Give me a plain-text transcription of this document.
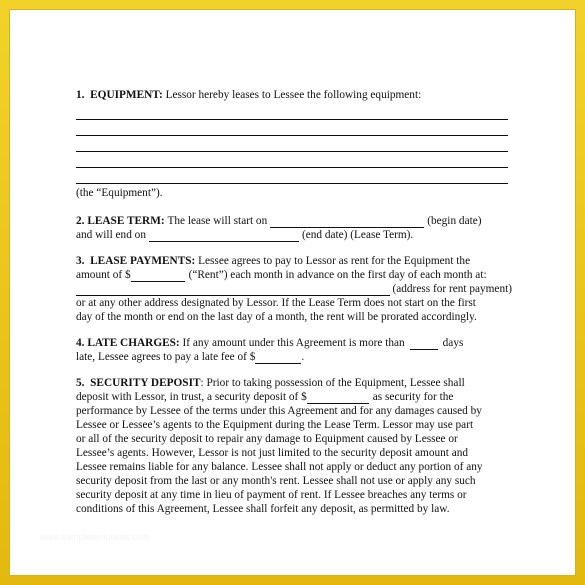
1. EQUIPMENT: Lessor hereby leases to Lessee the following equipment:
(the “Equipment”).
2.
LEASE TERM:
The lease will start on	(begin date)
and will end on	(end date) (Lease Term).
3. LEASE PAYMENTS: Lessee agrees to pay to Lessor as rent for the Equipment the
amount of $	(“Rent”) each month in advance on the first day of each month at:
(address for rent payment)
or at any other address designated by Lessor. If the Lease Term does not start on the first
day of the month or end on the last day of a month, the rent will be prorated accordingly.
4.
LATE CHARGES:
If any amount under this Agreement is more than	days
late, Lessee agrees to pay a late fee of $	.
5. SECURITY DEPOSIT: Prior to taking possession of the Equipment, Lessee shall
deposit with Lessor, in trust, a security deposit of $	as security for the
performance by Lessee of the terms under this Agreement and for any damages caused by
Lessee or Lessee’s agents to the Equipment during the Lease Term. Lessor may use part
or all of the security deposit to repair any damage to Equipment caused by Lessee or
Lessee’s agents. However, Lessor is not just limited to the security deposit amount and
Lessee remains liable for any balance. Lessee shall not apply or deduct any portion of any
security deposit from the last or any month's rent. Lessee shall not use or apply any such
security deposit at any time in lieu of payment of rent. If Lessee breaches any terms or
conditions of this Agreement, Lessee shall forfeit any deposit, as permitted by law.
www.sampletemplates.com
